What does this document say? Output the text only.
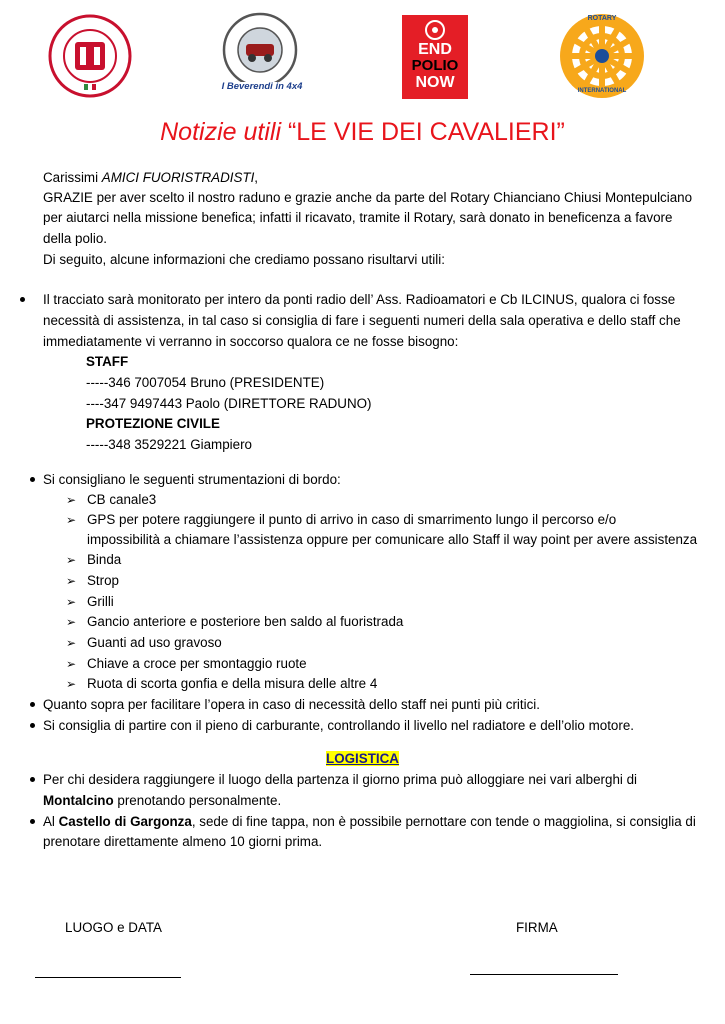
I Beverendi in 4x4
END
POLIO
NOW
ROTARY
INTERNATIONAL
Notizie utili “LE VIE DEI CAVALIERI”
Carissimi AMICI FUORISTRADISTI,
GRAZIE per aver scelto il nostro raduno e grazie anche da parte del Rotary Chianciano Chiusi Montepulciano
per aiutarci nella missione benefica; infatti il ricavato, tramite il Rotary, sarà donato in beneficenza a favore
della polio.
Di seguito, alcune informazioni che crediamo possano risultarvi utili:
Il tracciato sarà monitorato per intero da ponti radio dell’ Ass. Radioamatori e Cb ILCINUS, qualora ci fosse
necessità di assistenza, in tal caso si consiglia di fare i seguenti numeri della sala operativa e dello staff che
immediatamente vi verranno in soccorso qualora ce ne fosse bisogno:
STAFF
-----346 7007054 Bruno (PRESIDENTE)
----347 9497443 Paolo (DIRETTORE RADUNO)
PROTEZIONE CIVILE
-----348 3529221 Giampiero
Si consigliano le seguenti strumentazioni di bordo:
➢ CB canale3
➢ GPS per potere raggiungere il punto di arrivo in caso di smarrimento lungo il percorso e/o
impossibilità a chiamare l’assistenza oppure per comunicare allo Staff il way point per avere assistenza
➢ Binda
➢ Strop
➢ Grilli
➢ Gancio anteriore e posteriore ben saldo al fuoristrada
➢ Guanti ad uso gravoso
➢ Chiave a croce per smontaggio ruote
➢ Ruota di scorta gonfia e della misura delle altre 4
Quanto sopra per facilitare l’opera in caso di necessità dello staff nei punti più critici.
Si consiglia di partire con il pieno di carburante, controllando il livello nel radiatore e dell’olio motore.
LOGISTICA
Per chi desidera raggiungere il luogo della partenza il giorno prima può alloggiare nei vari alberghi di
Montalcino prenotando personalmente.
Al Castello di Gargonza, sede di fine tappa, non è possibile pernottare con tende o maggiolina, si consiglia di
prenotare direttamente almeno 10 giorni prima.
LUOGO e DATA	FIRMA
